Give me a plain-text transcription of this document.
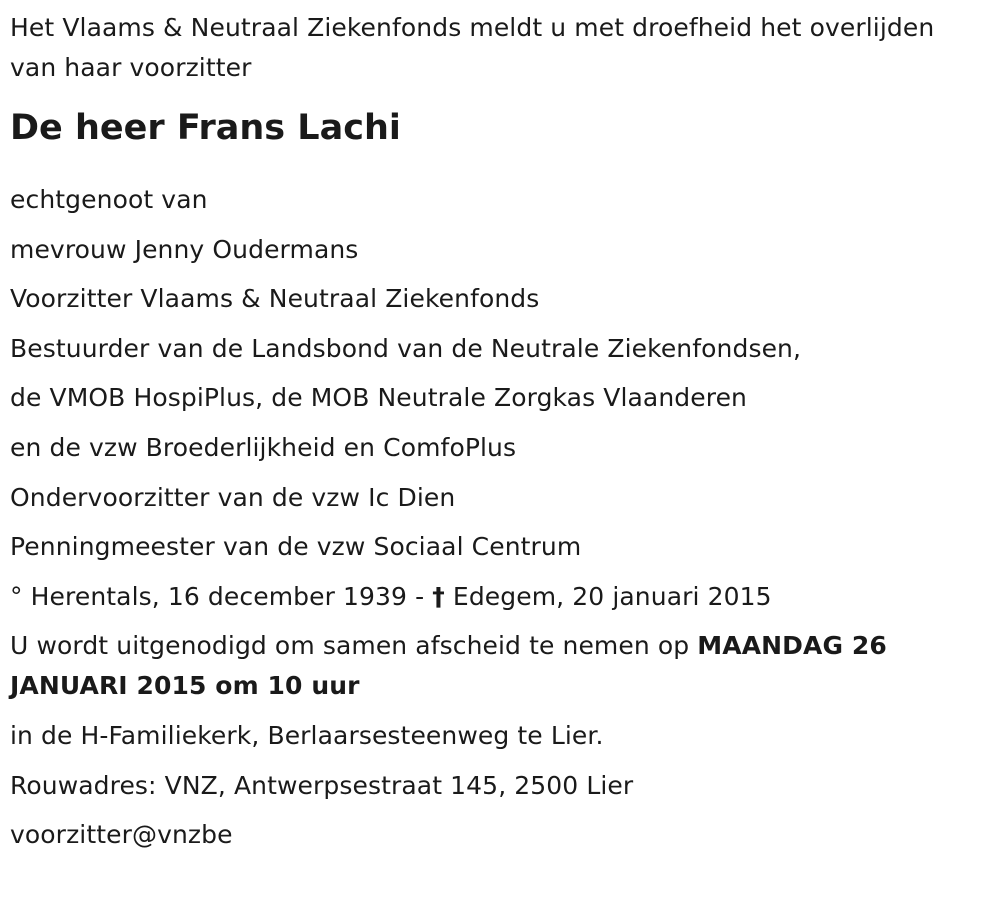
Het Vlaams & Neutraal Ziekenfonds meldt u met droefheid het overlijden
van haar voorzitter

De heer Frans Lachi

echtgenoot van

mevrouw Jenny Oudermans

Voorzitter Vlaams & Neutraal Ziekenfonds

Bestuurder van de Landsbond van de Neutrale Ziekenfondsen,

de VMOB HospiPlus, de MOB Neutrale Zorgkas Vlaanderen

en de vzw Broederlijkheid en ComfoPlus

Ondervoorzitter van de vzw Ic Dien

Penningmeester van de vzw Sociaal Centrum

° Herentals, 16 december 1939 - † Edegem, 20 januari 2015

U wordt uitgenodigd om samen afscheid te nemen op MAANDAG 26
JANUARI 2015 om 10 uur

in de H-Familiekerk, Berlaarsesteenweg te Lier.

Rouwadres: VNZ, Antwerpsestraat 145, 2500 Lier

voorzitter@vnzbe
